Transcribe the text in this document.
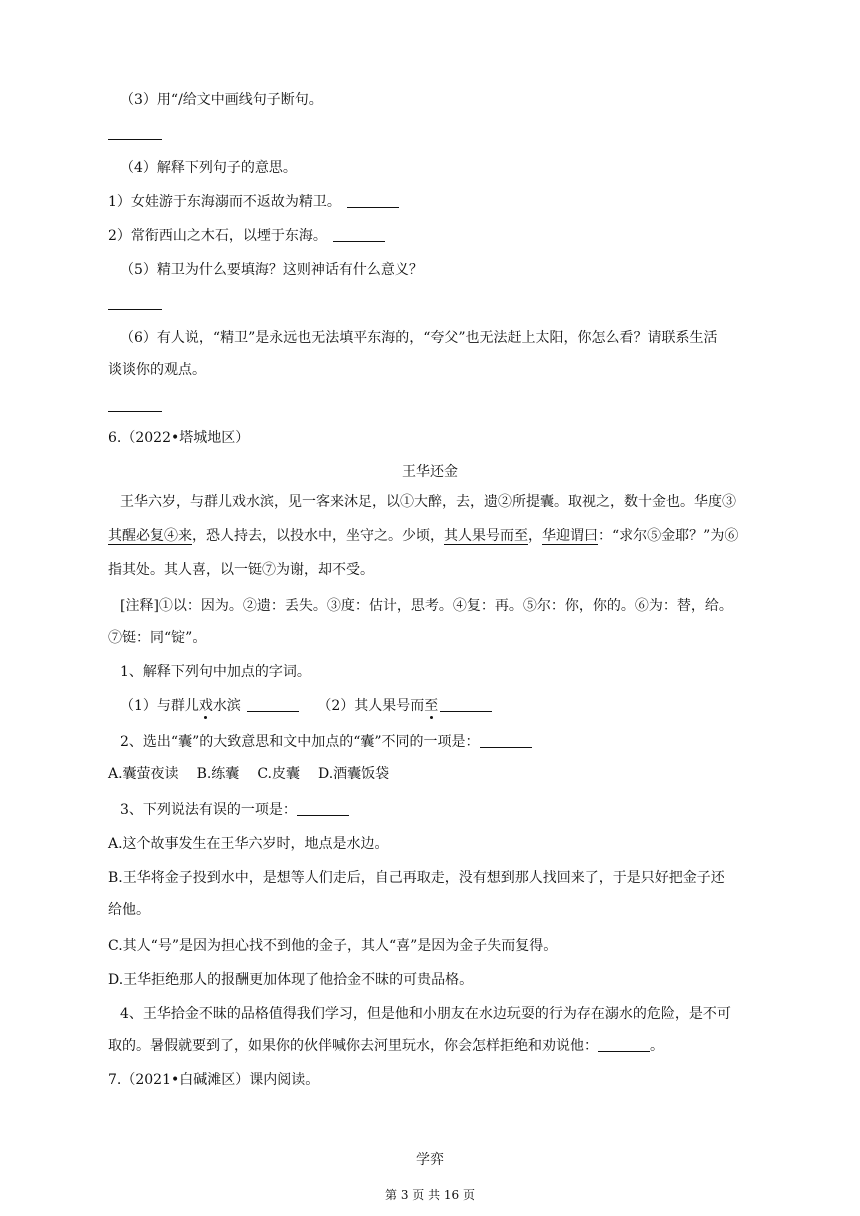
（3）用“/给文中画线句子断句。
（4）解释下列句子的意思。
1）女娃游于东海溺而不返故为精卫。
2）常衔西山之木石，以堙于东海。
（5）精卫为什么要填海？这则神话有什么意义？
（6）有人说，“精卫”是永远也无法填平东海的，“夸父”也无法赶上太阳，你怎么看？请联系生活
谈谈你的观点。
6.（2022•塔城地区）
王华还金
王华六岁，与群儿戏水滨，见一客来沐足，以①大醉，去，遗②所提囊。取视之，数十金也。华度③
其醒必复④来，恐人持去，以投水中，坐守之。少顷，其人果号而至，华迎谓曰：“求尔⑤金耶？”为⑥
指其处。其人喜，以一铤⑦为谢，却不受。
[注释]①以：因为。②遗：丢失。③度：估计，思考。④复：再。⑤尔：你，你的。⑥为：替，给。
⑦铤：同“锭”。
1、解释下列句中加点的字词。
（1）与群儿戏水滨	（2）其人果号而至
2、选出“囊”的大致意思和文中加点的“囊”不同的一项是：
A.囊萤夜读 B.练囊 C.皮囊 D.酒囊饭袋
3、下列说法有误的一项是：
A.这个故事发生在王华六岁时，地点是水边。
B.王华将金子投到水中，是想等人们走后，自己再取走，没有想到那人找回来了，于是只好把金子还
给他。
C.其人“号”是因为担心找不到他的金子，其人“喜”是因为金子失而复得。
D.王华拒绝那人的报酬更加体现了他拾金不昧的可贵品格。
4、王华拾金不昧的品格值得我们学习，但是他和小朋友在水边玩耍的行为存在溺水的危险，是不可
取的。暑假就要到了，如果你的伙伴喊你去河里玩水，你会怎样拒绝和劝说他：	。
7.（2021•白碱滩区）课内阅读。
学弈
第 3 页 共 16 页
